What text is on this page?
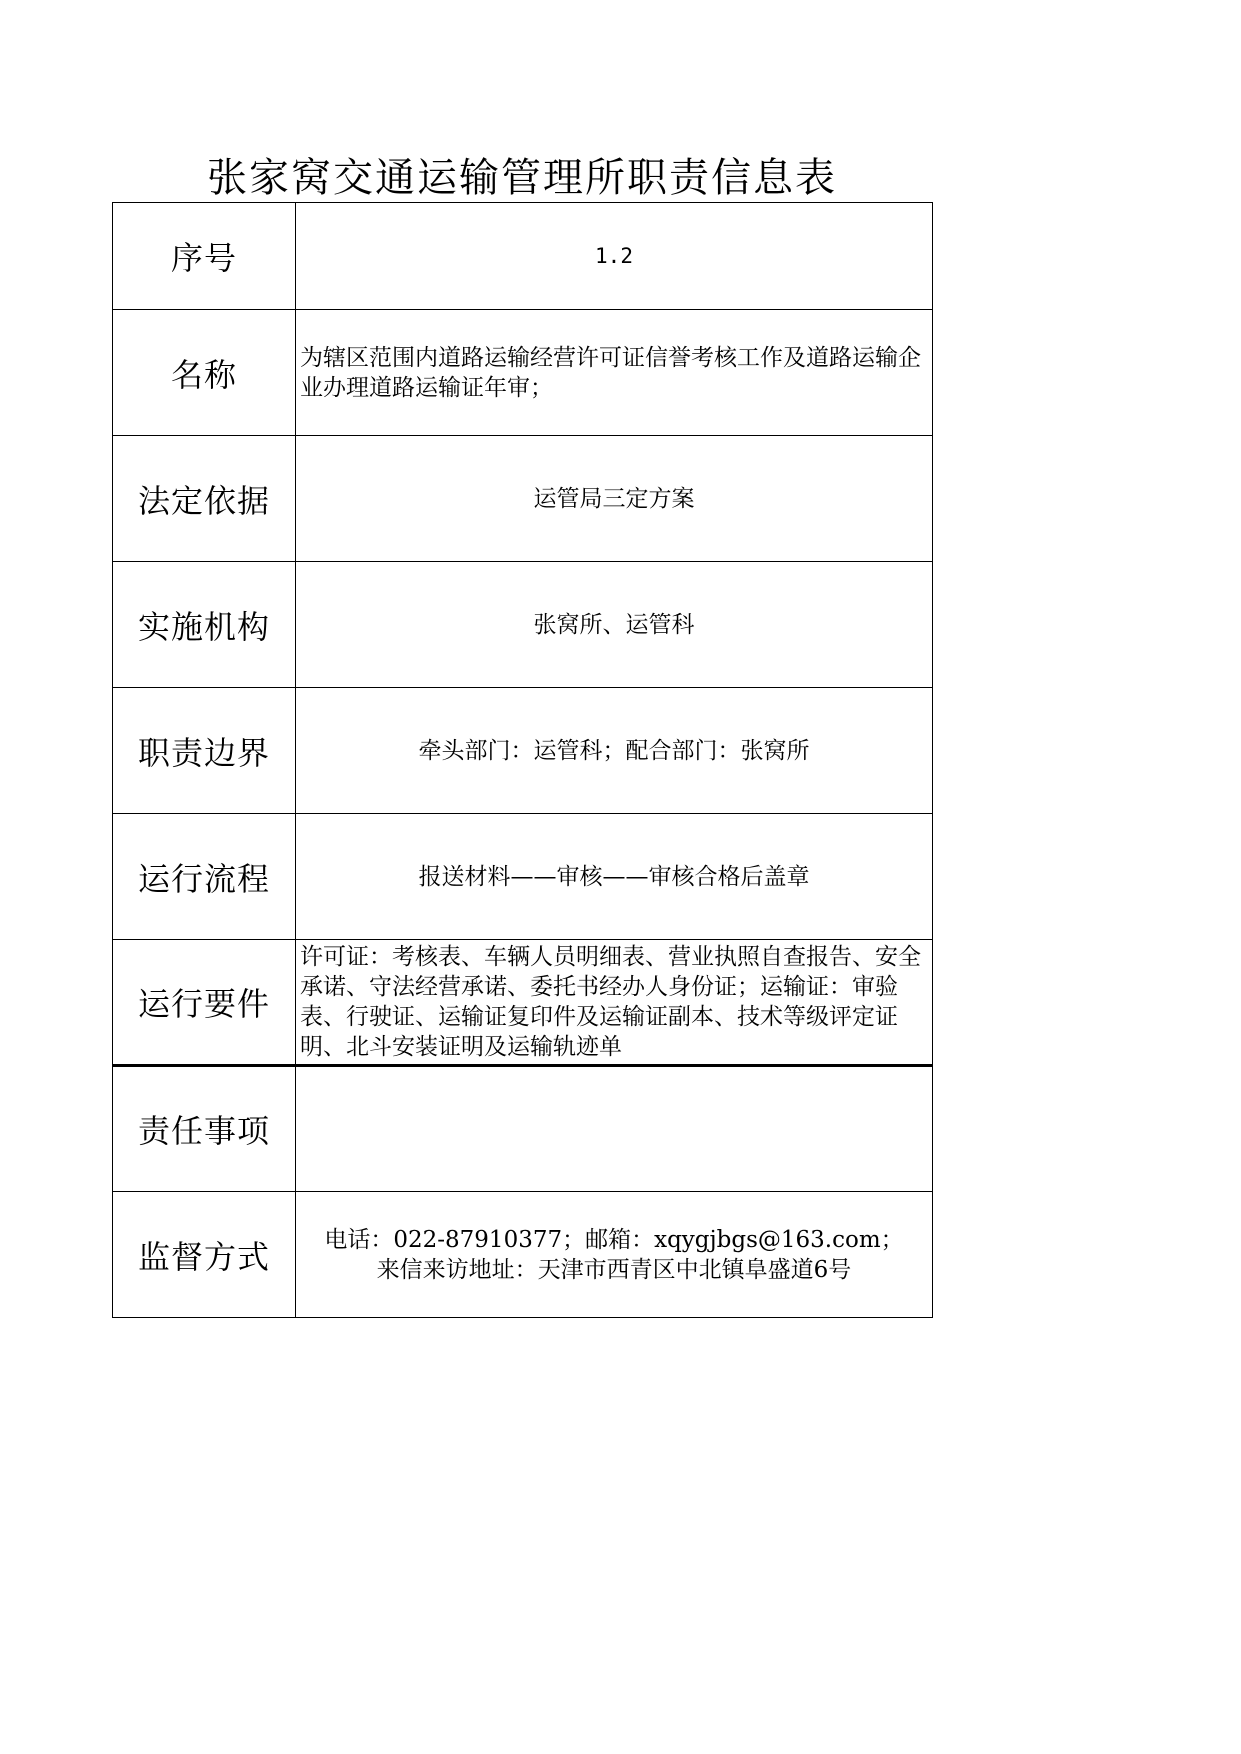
张家窝交通运输管理所职责信息表
序号	1.2
名称	为辖区范围内道路运输经营许可证信誉考核工作及道路运输企业办理道路运输证年审；
法定依据	运管局三定方案
实施机构	张窝所、运管科
职责边界	牵头部门：运管科；配合部门：张窝所
运行流程	报送材料——审核——审核合格后盖章
运行要件	许可证：考核表、车辆人员明细表、营业执照自查报告、安全承诺、守法经营承诺、委托书经办人身份证；运输证：审验表、行驶证、运输证复印件及运输证副本、技术等级评定证明、北斗安装证明及运输轨迹单
责任事项	
监督方式	电话：022-87910377；邮箱：xqygjbgs@163.com；
来信来访地址：天津市西青区中北镇阜盛道6号
